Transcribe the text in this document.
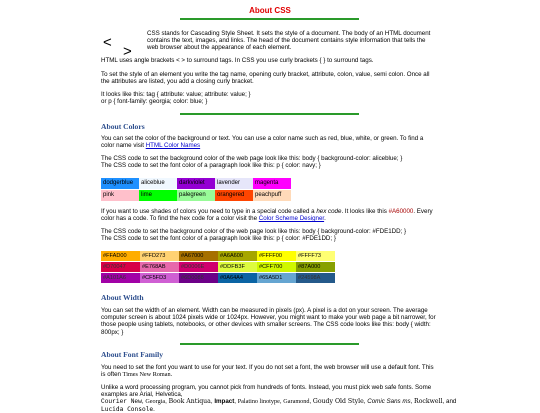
About CSS
<
>
CSS stands for Cascading Style Sheet. It sets the style of a document. The body of an HTML document contains the text, images, and links. The head of the document contains style information that tells the web browser about the appearance of each element.
HTML uses angle brackets < > to surround tags. In CSS you use curly brackets { } to surround tags.
To set the style of an element you write the tag name, opening curly bracket, attribute, colon, value, semi colon. Once all the attributes are listed, you add a closing curly bracket.
It looks like this: tag { attribute: value; attribute: value; }
or p { font-family: georgia; color: blue; }
About Colors
You can set the color of the background or text. You can use a color name such as red, blue, white, or green. To find a color name visit HTML Color Names
The CSS code to set the background color of the web page look like this: body { background-color: aliceblue; }
The CSS code to set the font color of a paragraph look like this: p { color: navy; }
dodgerblue	aliceblue	darkviolet	lavender	magenta
pink	lime	palegreen	orangered	peachpuff
If you want to use shades of colors you need to type in a special code called a hex code. It looks like this #A60000. Every color has a code. To find the hex code for a color visit the Color Scheme Designer.
The CSS code to set the background color of the web page look like this: body { background-color: #FDE1DD; }
The CSS code to set the font color of a paragraph look like this: p { color: #FDE1DD; }
#FFAD00	#FFD273	#A67000	#A6A600	#FFFF00	#FFFF73
#D70047	#E768AB	#D0006E	#DDFB3F	#CFF700	#87A000
#A101A6	#CF5FD3	#6D0088	#0A64A4	#65A5D1	#24598A
About Width
You can set the width of an element. Width can be measured in pixels (px). A pixel is a dot on your screen. The average computer screen is about 1024 pixels wide or 1024px. However, you might want to make your web page a bit narrower, for those people using tablets, notebooks, or other devices with smaller screens. The CSS code looks like this: body { width: 800px; }
About Font Family
You need to set the font you want to use for your text. If you do not set a font, the web browser will use a default font. This is often Times New Roman.
Unlike a word processing program, you cannot pick from hundreds of fonts. Instead, you must pick web safe fonts. Some examples are Arial, Helvetica, Courier New, Georgia, Book Antiqua, Impact, Palatino linotype, Garamond, Goudy Old Style, Comic Sans ms, Rockwell, and Lucida Console.
